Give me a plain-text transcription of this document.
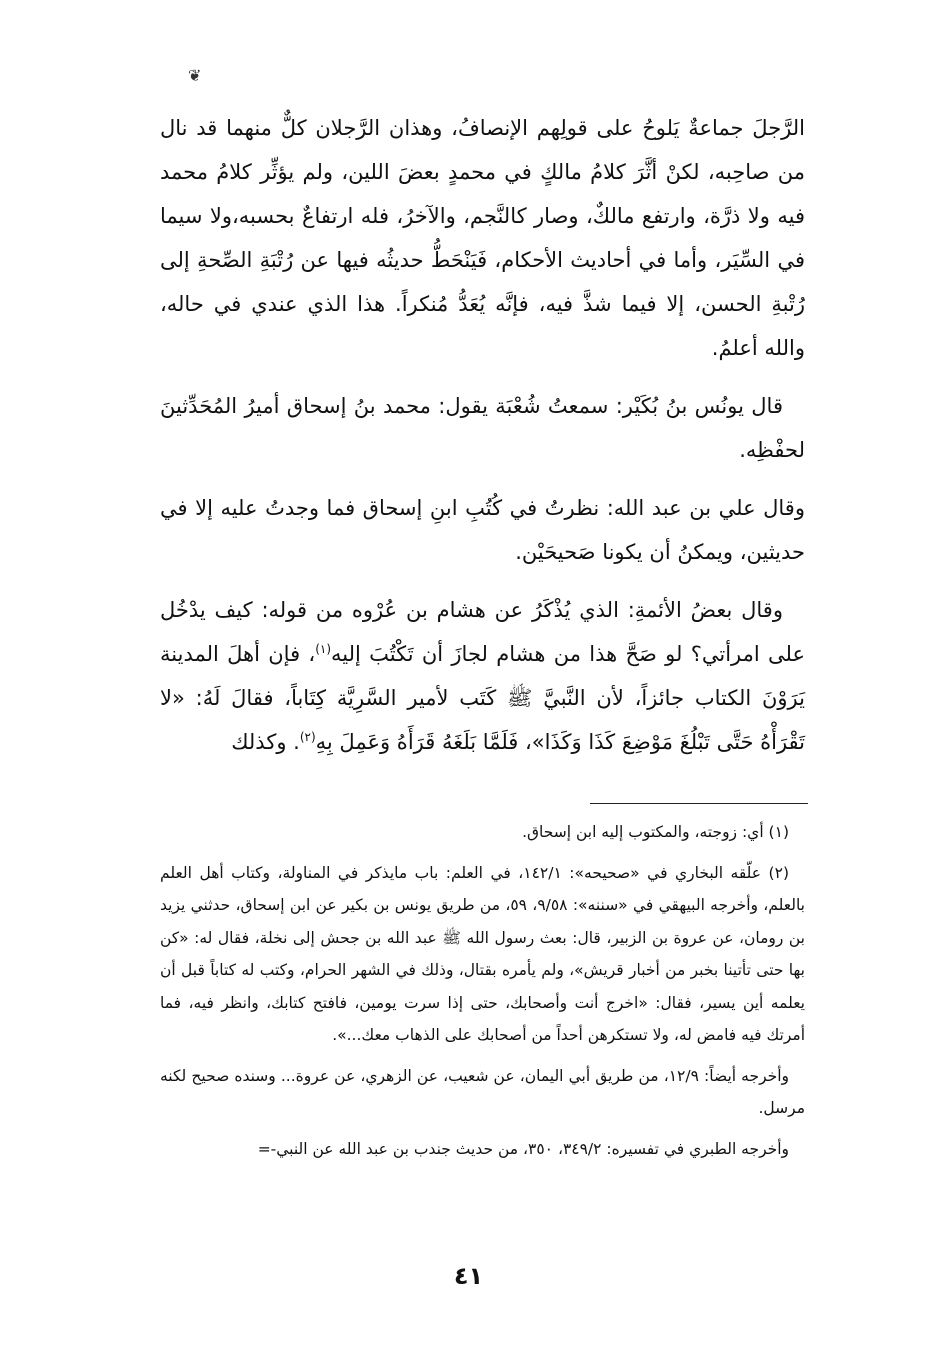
❦

الرَّجلَ جماعةٌ يَلوحُ على قولِهم الإنصافُ، وهذان الرَّجلان كلٌّ منهما قد نال من صاحِبه، لكنْ أثَّرَ كلامُ مالكٍ في محمدٍ بعضَ اللين، ولم يؤثِّر كلامُ محمد فيه ولا ذرَّة، وارتفع مالكٌ، وصار كالنَّجم، والآخرُ، فله ارتفاعٌ بحسبه،ولا سيما في السِّيَر، وأما في أحاديث الأحكام، فَيَنْحَطُّ حديثُه فيها عن رُتْبَةِ الصِّحةِ إلى رُتْبةِ الحسن، إلا فيما شذَّ فيه، فإنَّه يُعَدُّ مُنكراً. هذا الذي عندي في حاله، والله أعلمُ.

قال يونُس بنُ بُكَيْر: سمعتُ شُعْبَة يقول: محمد بنُ إسحاق أميرُ المُحَدِّثينَ لحفْظِه.

وقال علي بن عبد الله: نظرتُ في كُتُبِ ابنِ إسحاق فما وجدتُ عليه إلا في حديثين، ويمكنُ أن يكونا صَحيحَيْن.

وقال بعضُ الأئمةِ: الذي يُذْكَرُ عن هشام بن عُرْوه من قوله: كيف يدْخُل على امرأتي؟ لو صَحَّ هذا من هشام لجازَ أن تَكْتُبَ إليه$^{(١)}$، فإن أهلَ المدينة يَرَوْنَ الكتاب جائزاً، لأن النَّبيَّ ﷺ كَتَب لأمير السَّرِيَّة كِتَاباً، فقالَ لَهُ: «لا تَقْرَأْهُ حَتَّى تَبْلُغَ مَوْضِعَ كَذَا وَكَذَا»، فَلَمَّا بَلَغَهُ قَرَأَهُ وَعَمِلَ بِهِ$^{(٢)}$. وكذلك

(١) أي: زوجته، والمكتوب إليه ابن إسحاق.

(٢) علّقه البخاري في «صحيحه»: ١٤٢/١، في العلم: باب مايذكر في المناولة، وكتاب أهل العلم بالعلم، وأخرجه البيهقي في «سننه»: ٩/٥٨، ٥٩، من طريق يونس بن بكير عن ابن إسحاق، حدثني يزيد بن رومان، عن عروة بن الزبير، قال: بعث رسول الله ﷺ عبد الله بن جحش إلى نخلة، فقال له: «كن بها حتى تأتينا بخبر من أخبار قريش»، ولم يأمره بقتال، وذلك في الشهر الحرام، وكتب له كتاباً قبل أن يعلمه أين يسير، فقال: «اخرج أنت وأصحابك، حتى إذا سرت يومين، فافتح كتابك، وانظر فيه، فما أمرتك فيه فامض له، ولا تستكرهن أحداً من أصحابك على الذهاب معك...».

وأخرجه أيضاً: ١٢/٩، من طريق أبي اليمان، عن شعيب، عن الزهري، عن عروة... وسنده صحيح لكنه مرسل.

وأخرجه الطبري في تفسيره: ٣٤٩/٢، ٣٥٠، من حديث جندب بن عبد الله عن النبي-=

٤١
